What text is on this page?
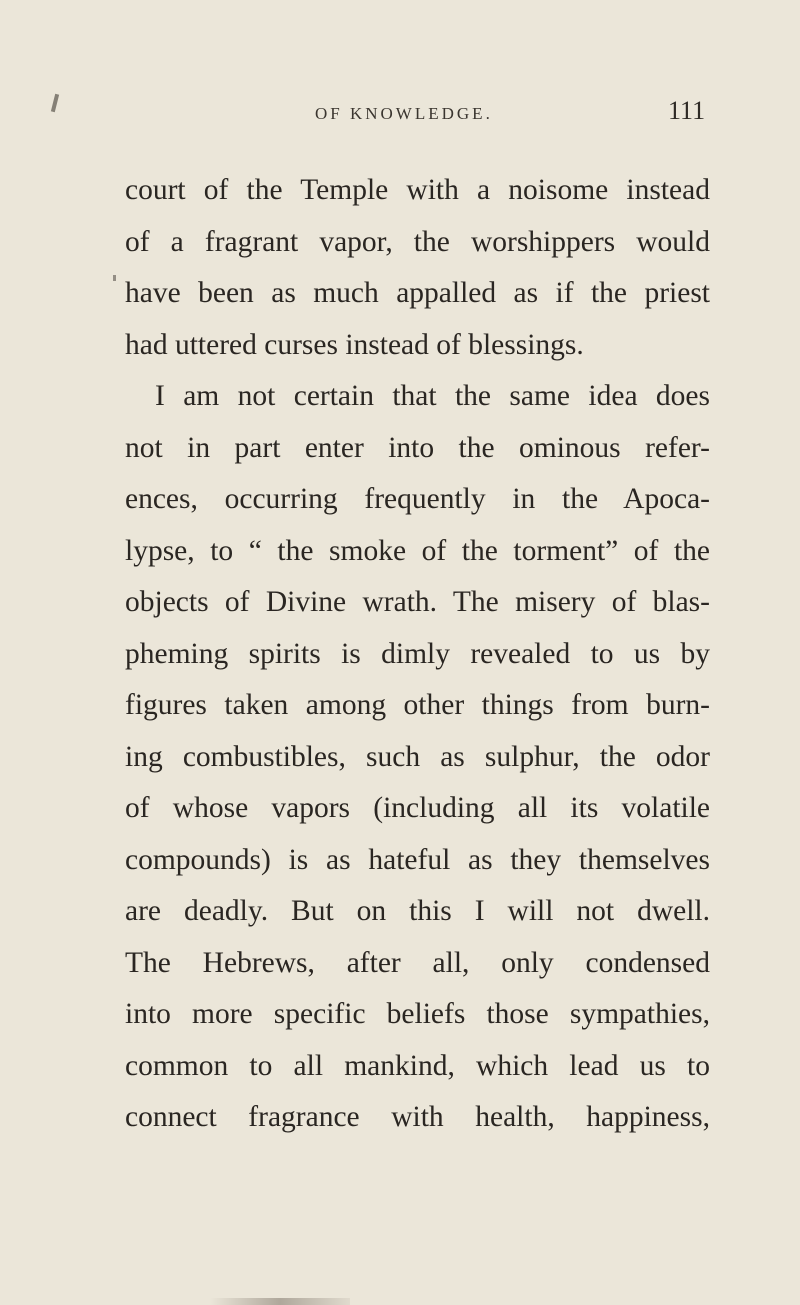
OF KNOWLEDGE.	111
court of the Temple with a noisome instead
of a fragrant vapor, the worshippers would
have been as much appalled as if the priest
had uttered curses instead of blessings.
I am not certain that the same idea does
not in part enter into the ominous refer-
ences, occurring frequently in the Apoca-
lypse, to “ the smoke of the torment” of the
objects of Divine wrath. The misery of blas-
pheming spirits is dimly revealed to us by
figures taken among other things from burn-
ing combustibles, such as sulphur, the odor
of whose vapors (including all its volatile
compounds) is as hateful as they themselves
are deadly. But on this I will not dwell.
The Hebrews, after all, only condensed
into more specific beliefs those sympathies,
common to all mankind, which lead us to
connect fragrance with health, happiness,
